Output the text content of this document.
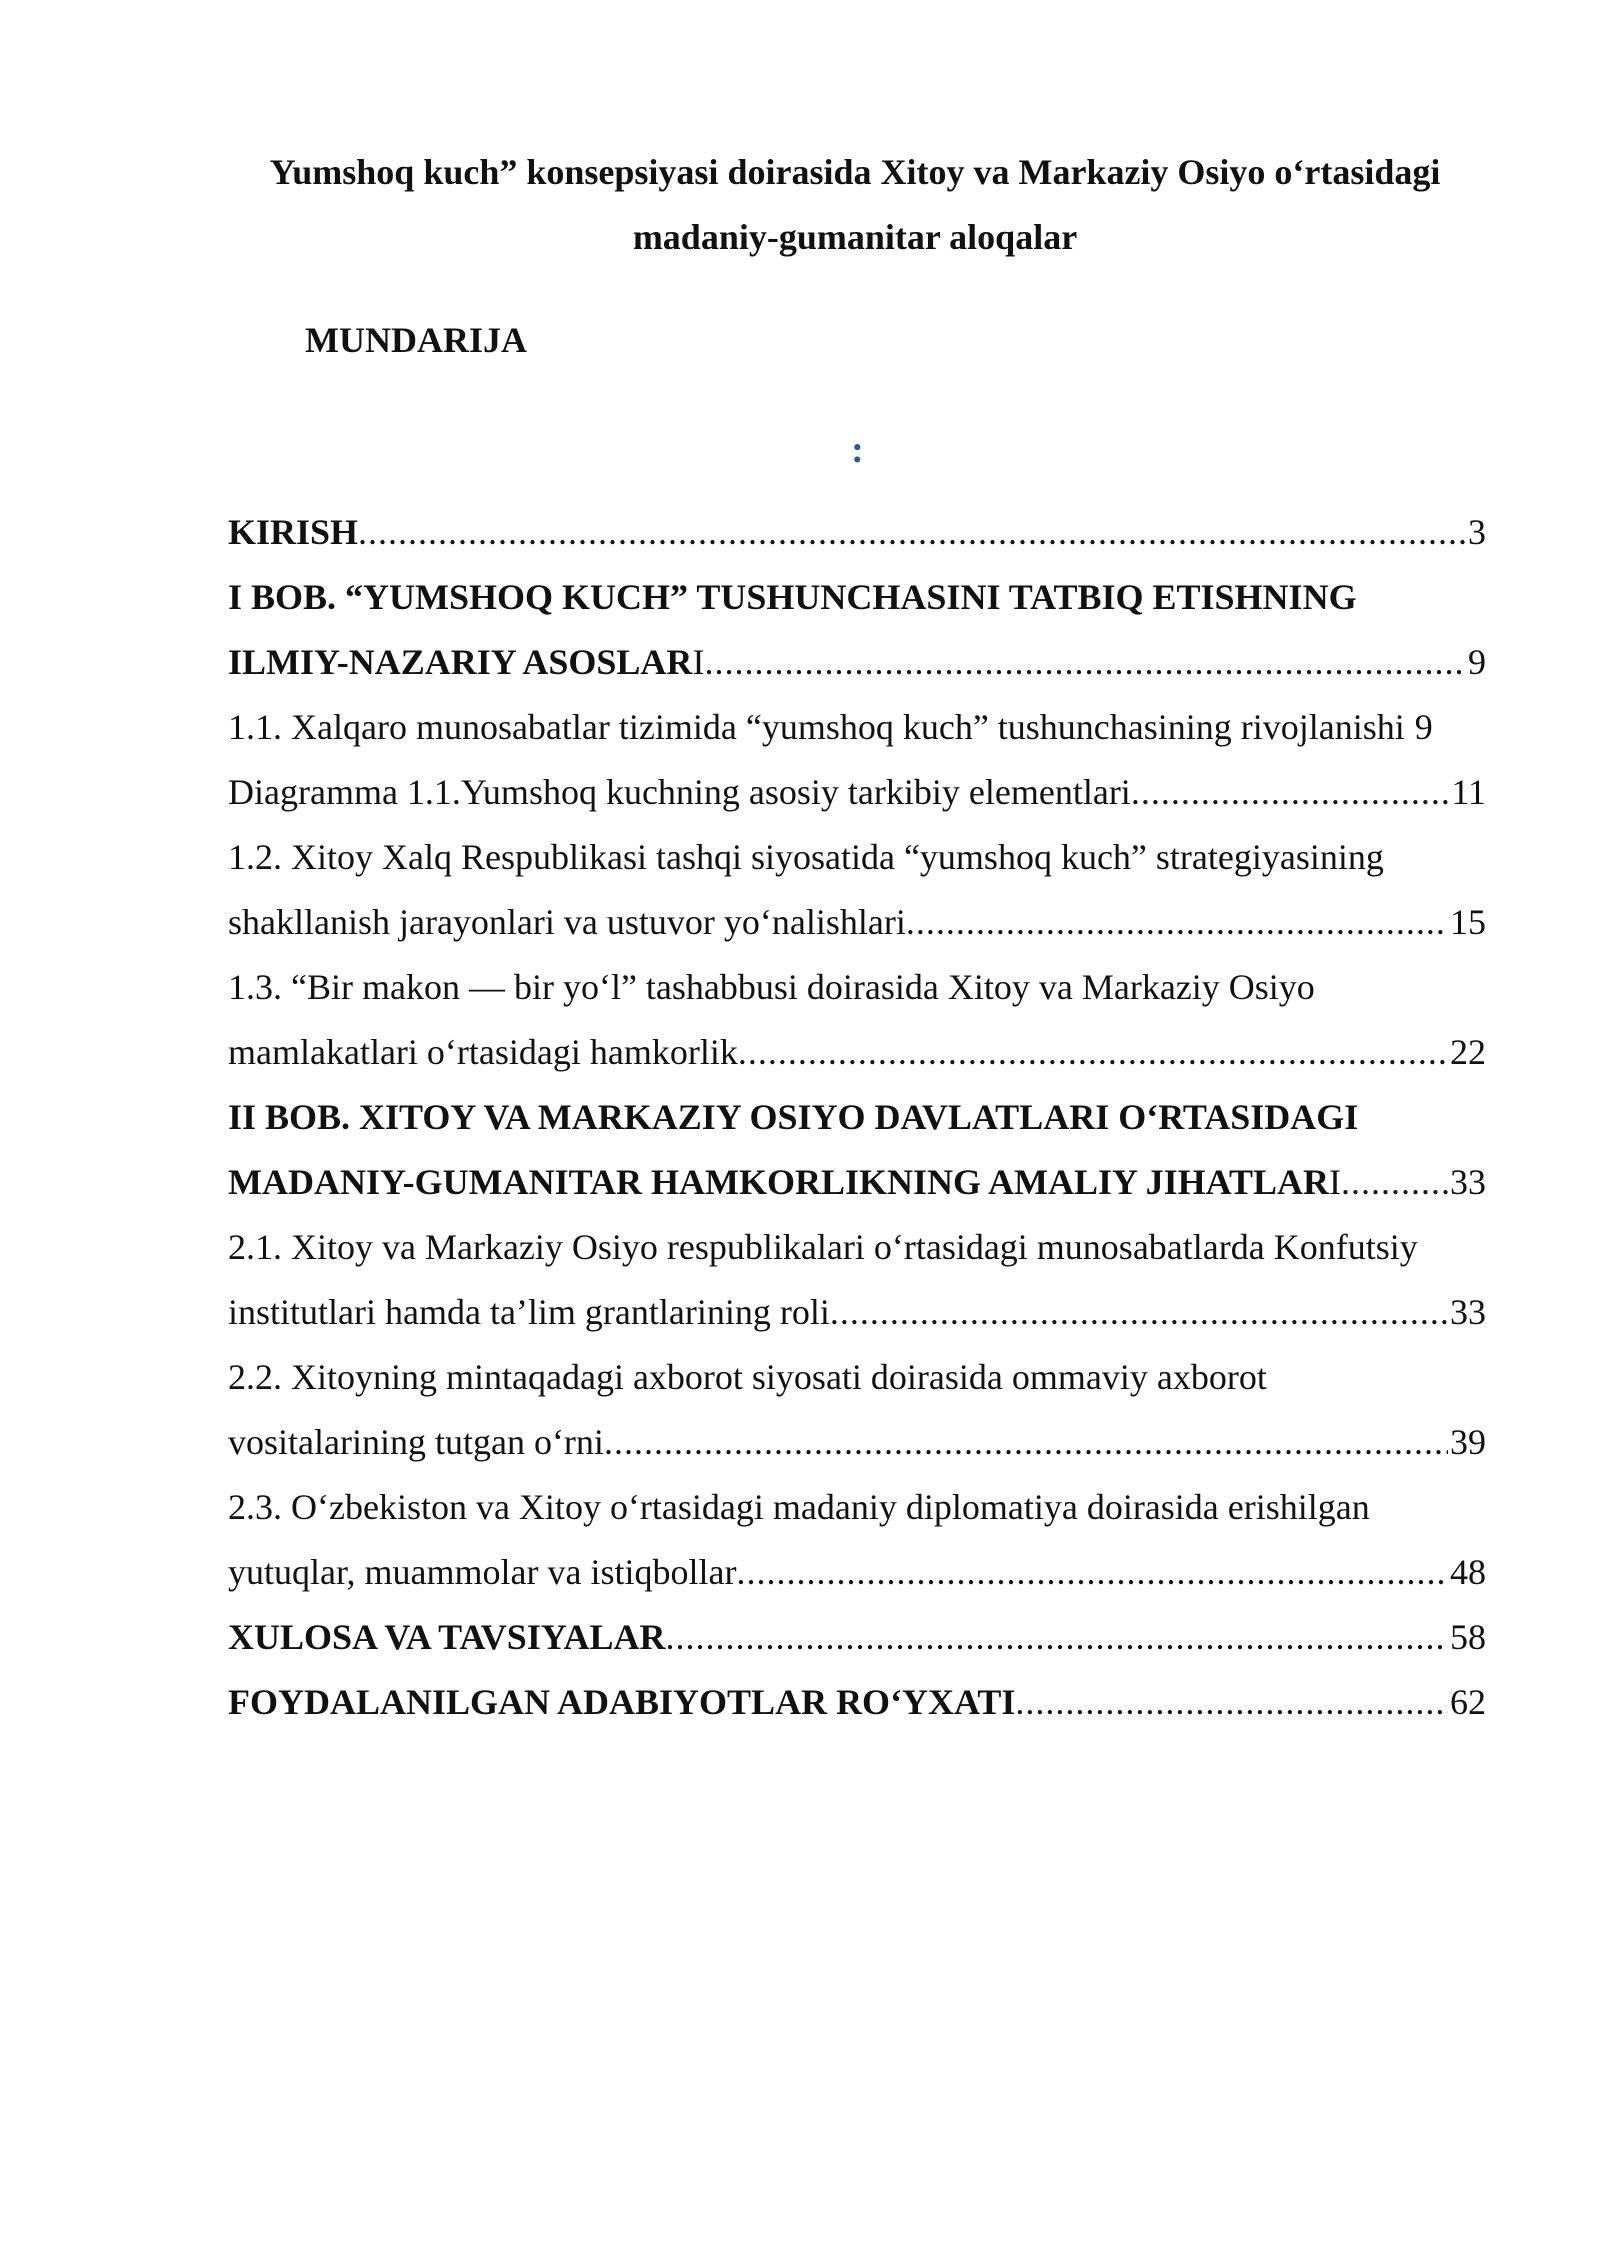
Yumshoq kuch” konsepsiyasi doirasida Xitoy va Markaziy Osiyo oʻrtasidagi
madaniy-gumanitar aloqalar
MUNDARIJA
:
KIRISH .....	3
I BOB. “YUMSHOQ KUCH” TUSHUNCHASINI TATBIQ ETISHNING
ILMIY-NAZARIY ASOSLAR I .....	9
1.1. Xalqaro munosabatlar tizimida “yumshoq kuch” tushunchasining rivojlanishi 9
Diagramma 1.1.Yumshoq kuchning asosiy tarkibiy elementlari .....	11
1.2. Xitoy Xalq Respublikasi tashqi siyosatida “yumshoq kuch” strategiyasining
shakllanish jarayonlari va ustuvor yoʻnalishlari .....	15
1.3. “Bir makon — bir yoʻl” tashabbusi doirasida Xitoy va Markaziy Osiyo
mamlakatlari oʻrtasidagi hamkorlik .....	22
II BOB. XITOY VA MARKAZIY OSIYO DAVLATLARI OʻRTASIDAGI
MADANIY-GUMANITAR HAMKORLIKNING AMALIY JIHATLAR I .....	33
2.1. Xitoy va Markaziy Osiyo respublikalari oʻrtasidagi munosabatlarda Konfutsiy
institutlari hamda ta’lim grantlarining roli .....	33
2.2. Xitoyning mintaqadagi axborot siyosati doirasida ommaviy axborot
vositalarining tutgan oʻrni .....	39
2.3. Oʻzbekiston va Xitoy oʻrtasidagi madaniy diplomatiya doirasida erishilgan
yutuqlar, muammolar va istiqbollar .....	48
XULOSA VA TAVSIYALAR .....	58
FOYDALANILGAN ADABIYOTLAR ROʻYXATI .....	62
